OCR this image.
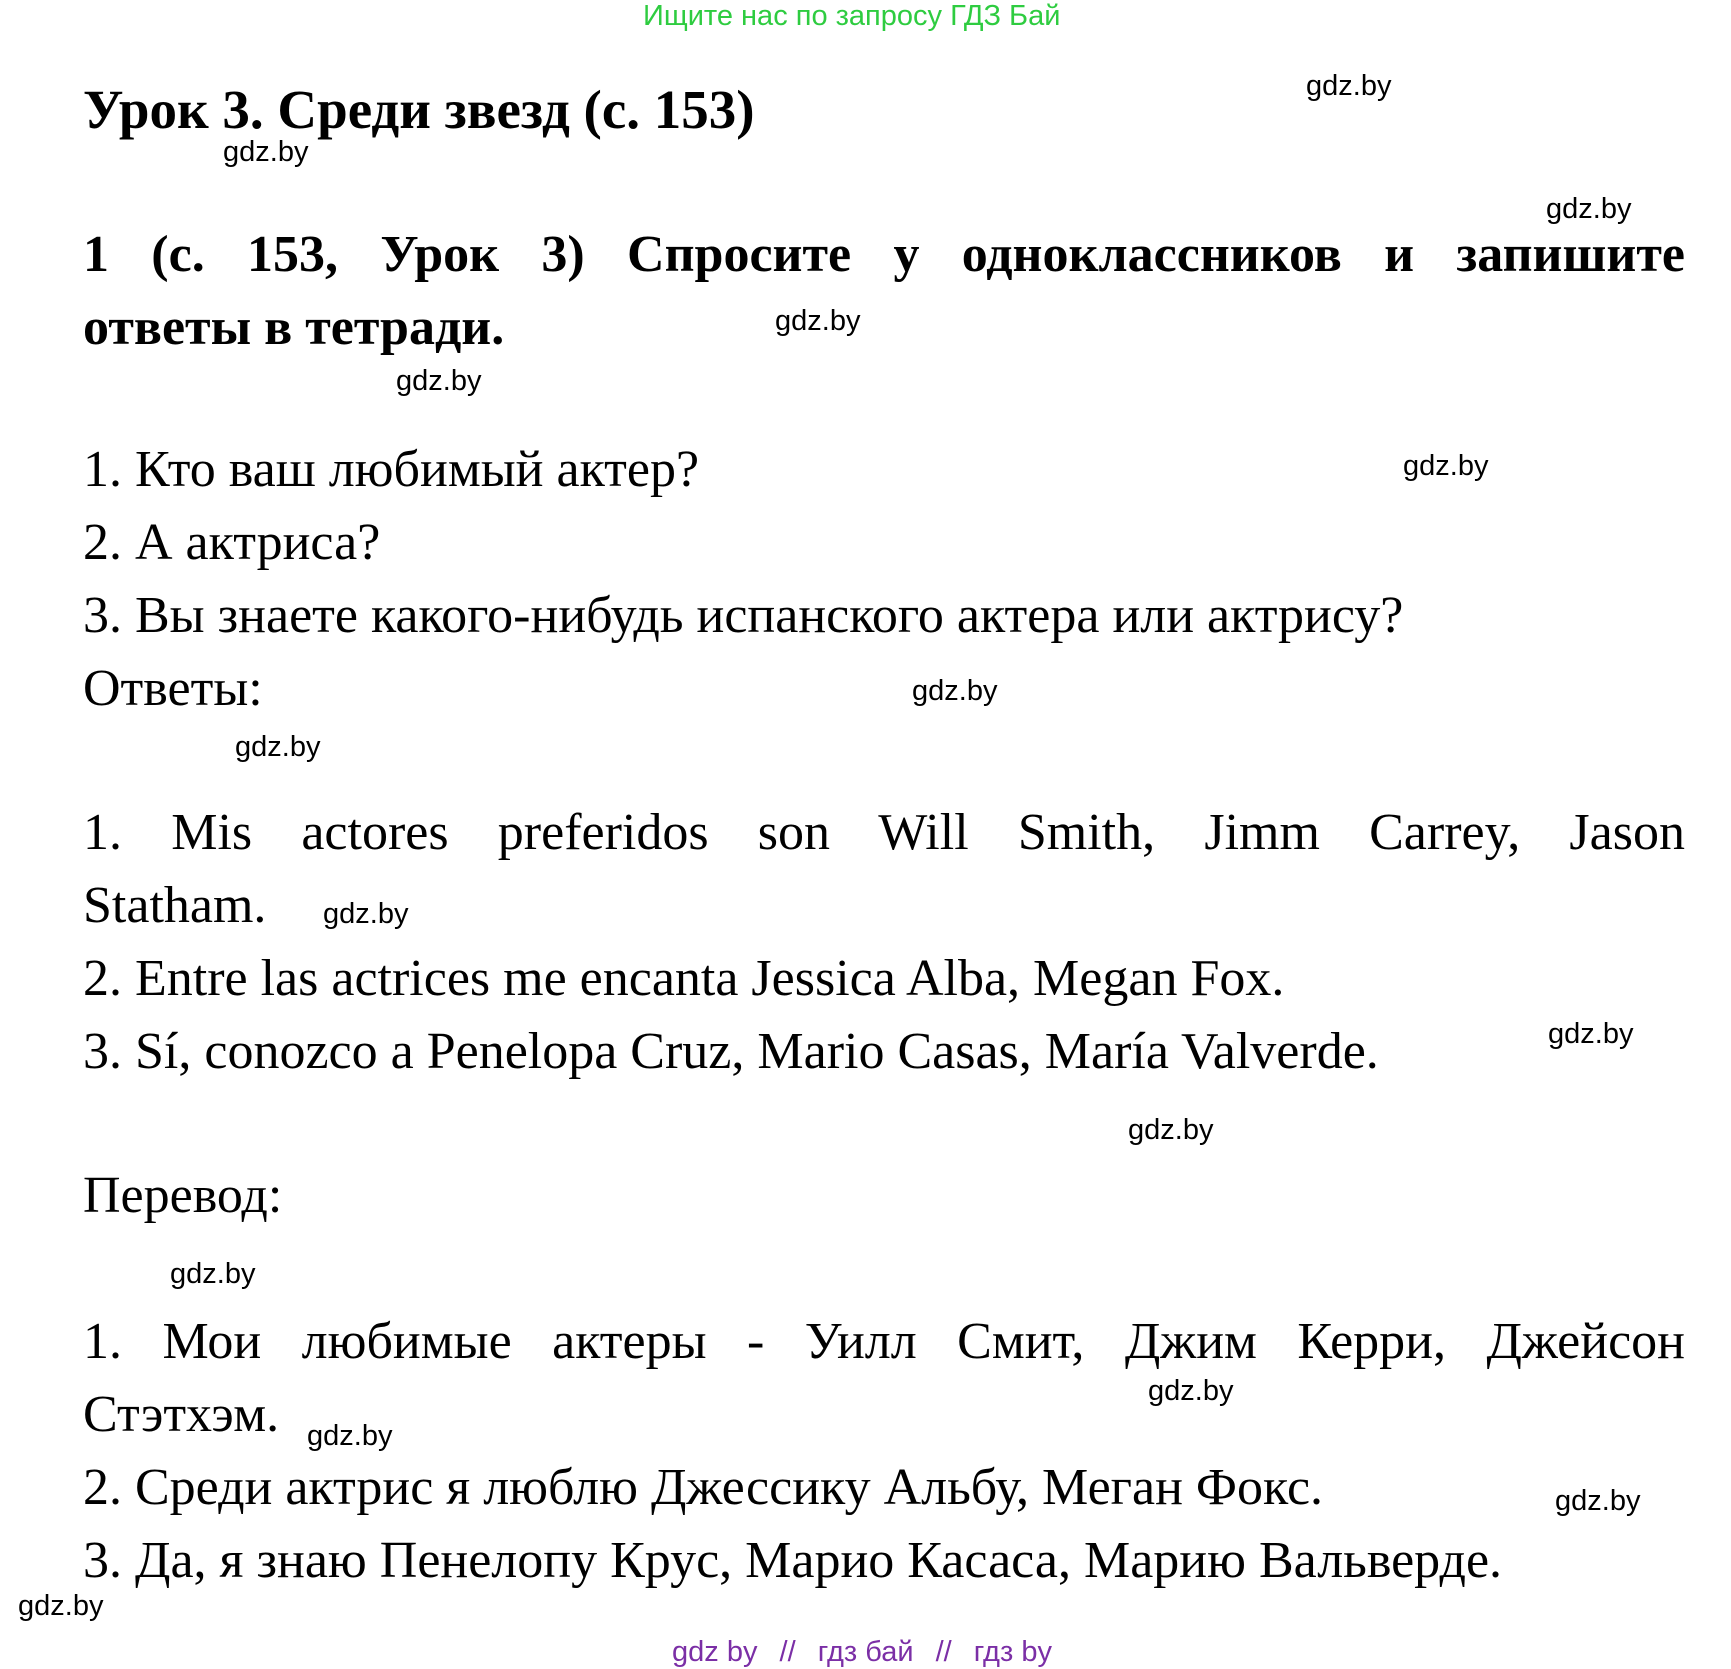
Ищите нас по запросу ГДЗ Бай
Урок 3. Среди звезд (с. 153)
1 (с. 153, Урок 3) Спросите у одноклассников и запишите
ответы в тетради.
1. Кто ваш любимый актер?
2. А актриса?
3. Вы знаете какого-нибудь испанского актера или актрису?
Ответы:
1. Mis actores preferidos son Will Smith, Jimm Carrey, Jason
Statham.
2. Entre las actrices me encanta Jessica Alba, Megan Fox.
3. Sí, conozco a Penelopa Cruz, Mario Casas, María Valverde.
Перевод:
1. Мои любимые актеры - Уилл Смит, Джим Керри, Джейсон
Стэтхэм.
2. Среди актрис я люблю Джессику Альбу, Меган Фокс.
3. Да, я знаю Пенелопу Крус, Марио Касаса, Марию Вальверде.
gdz.by
gdz.by
gdz.by
gdz.by
gdz.by
gdz.by
gdz.by
gdz.by
gdz.by
gdz.by
gdz.by
gdz.by
gdz.by
gdz.by
gdz.by
gdz.by
gdz by // гдз бай // гдз by
